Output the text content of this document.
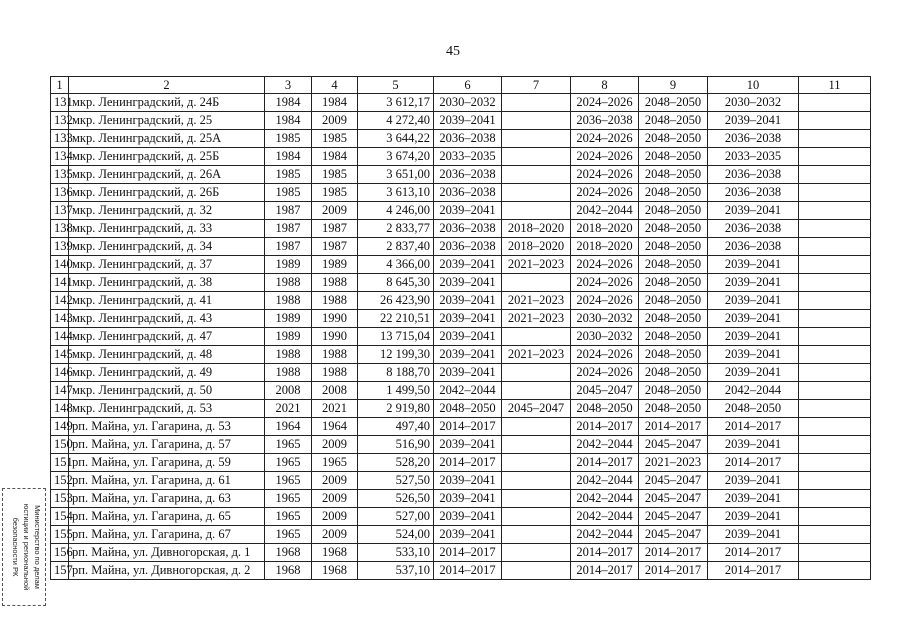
45
1	2	3	4	5	6	7	8	9	10	11
131	мкр. Ленинградский, д. 24Б	1984	1984	3 612,17	2030–2032		2024–2026	2048–2050	2030–2032	
132	мкр. Ленинградский, д. 25	1984	2009	4 272,40	2039–2041		2036–2038	2048–2050	2039–2041	
133	мкр. Ленинградский, д. 25А	1985	1985	3 644,22	2036–2038		2024–2026	2048–2050	2036–2038	
134	мкр. Ленинградский, д. 25Б	1984	1984	3 674,20	2033–2035		2024–2026	2048–2050	2033–2035	
135	мкр. Ленинградский, д. 26А	1985	1985	3 651,00	2036–2038		2024–2026	2048–2050	2036–2038	
136	мкр. Ленинградский, д. 26Б	1985	1985	3 613,10	2036–2038		2024–2026	2048–2050	2036–2038	
137	мкр. Ленинградский, д. 32	1987	2009	4 246,00	2039–2041		2042–2044	2048–2050	2039–2041	
138	мкр. Ленинградский, д. 33	1987	1987	2 833,77	2036–2038	2018–2020	2018–2020	2048–2050	2036–2038	
139	мкр. Ленинградский, д. 34	1987	1987	2 837,40	2036–2038	2018–2020	2018–2020	2048–2050	2036–2038	
140	мкр. Ленинградский, д. 37	1989	1989	4 366,00	2039–2041	2021–2023	2024–2026	2048–2050	2039–2041	
141	мкр. Ленинградский, д. 38	1988	1988	8 645,30	2039–2041		2024–2026	2048–2050	2039–2041	
142	мкр. Ленинградский, д. 41	1988	1988	26 423,90	2039–2041	2021–2023	2024–2026	2048–2050	2039–2041	
143	мкр. Ленинградский, д. 43	1989	1990	22 210,51	2039–2041	2021–2023	2030–2032	2048–2050	2039–2041	
144	мкр. Ленинградский, д. 47	1989	1990	13 715,04	2039–2041		2030–2032	2048–2050	2039–2041	
145	мкр. Ленинградский, д. 48	1988	1988	12 199,30	2039–2041	2021–2023	2024–2026	2048–2050	2039–2041	
146	мкр. Ленинградский, д. 49	1988	1988	8 188,70	2039–2041		2024–2026	2048–2050	2039–2041	
147	мкр. Ленинградский, д. 50	2008	2008	1 499,50	2042–2044		2045–2047	2048–2050	2042–2044	
148	мкр. Ленинградский, д. 53	2021	2021	2 919,80	2048–2050	2045–2047	2048–2050	2048–2050	2048–2050	
149	рп. Майна, ул. Гагарина, д. 53	1964	1964	497,40	2014–2017		2014–2017	2014–2017	2014–2017	
150	рп. Майна, ул. Гагарина, д. 57	1965	2009	516,90	2039–2041		2042–2044	2045–2047	2039–2041	
151	рп. Майна, ул. Гагарина, д. 59	1965	1965	528,20	2014–2017		2014–2017	2021–2023	2014–2017	
152	рп. Майна, ул. Гагарина, д. 61	1965	2009	527,50	2039–2041		2042–2044	2045–2047	2039–2041	
153	рп. Майна, ул. Гагарина, д. 63	1965	2009	526,50	2039–2041		2042–2044	2045–2047	2039–2041	
154	рп. Майна, ул. Гагарина, д. 65	1965	2009	527,00	2039–2041		2042–2044	2045–2047	2039–2041	
155	рп. Майна, ул. Гагарина, д. 67	1965	2009	524,00	2039–2041		2042–2044	2045–2047	2039–2041	
156	рп. Майна, ул. Дивногорская, д. 1	1968	1968	533,10	2014–2017		2014–2017	2014–2017	2014–2017	
157	рп. Майна, ул. Дивногорская, д. 2	1968	1968	537,10	2014–2017		2014–2017	2014–2017	2014–2017	
Министерство по делам
юстиции и региональной
безопасности РК
